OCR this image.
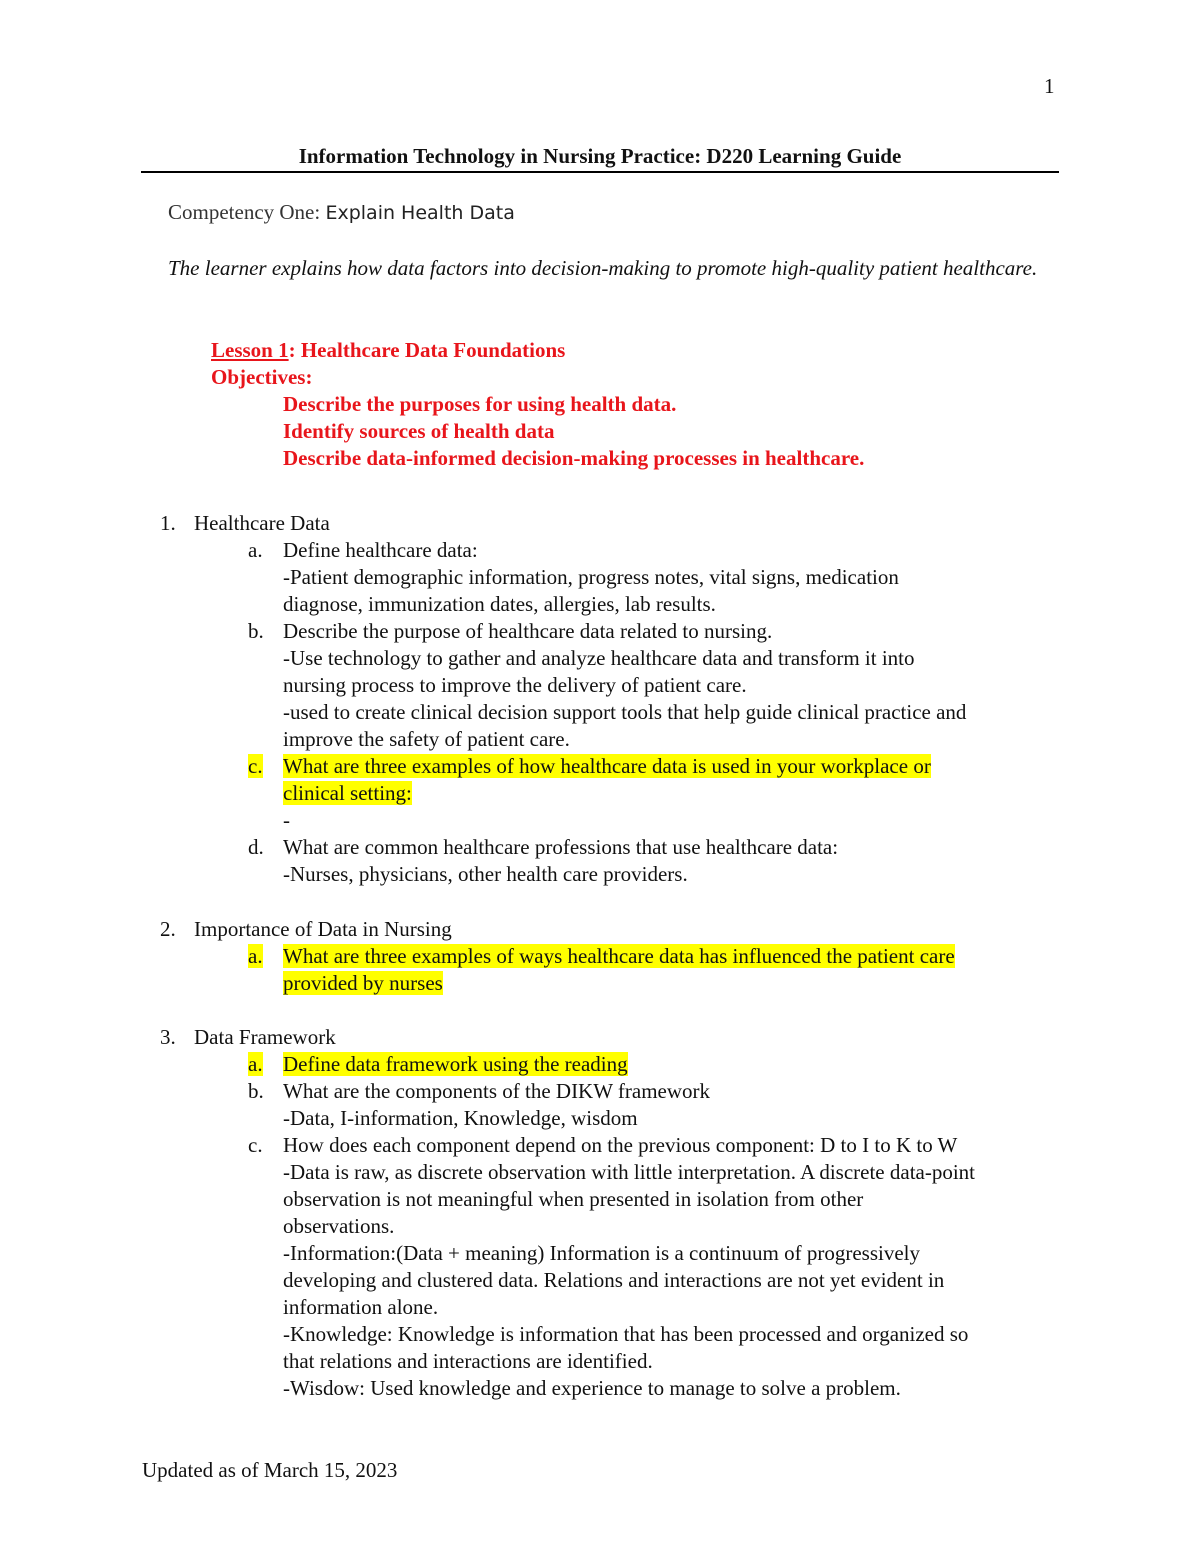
1
Information Technology in Nursing Practice: D220 Learning Guide
Competency One: Explain Health Data
The learner explains how data factors into decision-making to promote high-quality patient healthcare.
Lesson 1: Healthcare Data Foundations
Objectives:
Describe the purposes for using health data.
Identify sources of health data
Describe data-informed decision-making processes in healthcare.
1. Healthcare Data
a. Define healthcare data:
-Patient demographic information, progress notes, vital signs, medication
diagnose, immunization dates, allergies, lab results.
b. Describe the purpose of healthcare data related to nursing.
-Use technology to gather and analyze healthcare data and transform it into
nursing process to improve the delivery of patient care.
-used to create clinical decision support tools that help guide clinical practice and
improve the safety of patient care.
c. What are three examples of how healthcare data is used in your workplace or
clinical setting:
-
d. What are common healthcare professions that use healthcare data:
-Nurses, physicians, other health care providers.
2. Importance of Data in Nursing
a. What are three examples of ways healthcare data has influenced the patient care
provided by nurses
3. Data Framework
a. Define data framework using the reading
b. What are the components of the DIKW framework
-Data, I-information, Knowledge, wisdom
c. How does each component depend on the previous component: D to I to K to W
-Data is raw, as discrete observation with little interpretation. A discrete data-point
observation is not meaningful when presented in isolation from other
observations.
-Information:(Data + meaning) Information is a continuum of progressively
developing and clustered data. Relations and interactions are not yet evident in
information alone.
-Knowledge: Knowledge is information that has been processed and organized so
that relations and interactions are identified.
-Wisdow: Used knowledge and experience to manage to solve a problem.
Updated as of March 15, 2023
